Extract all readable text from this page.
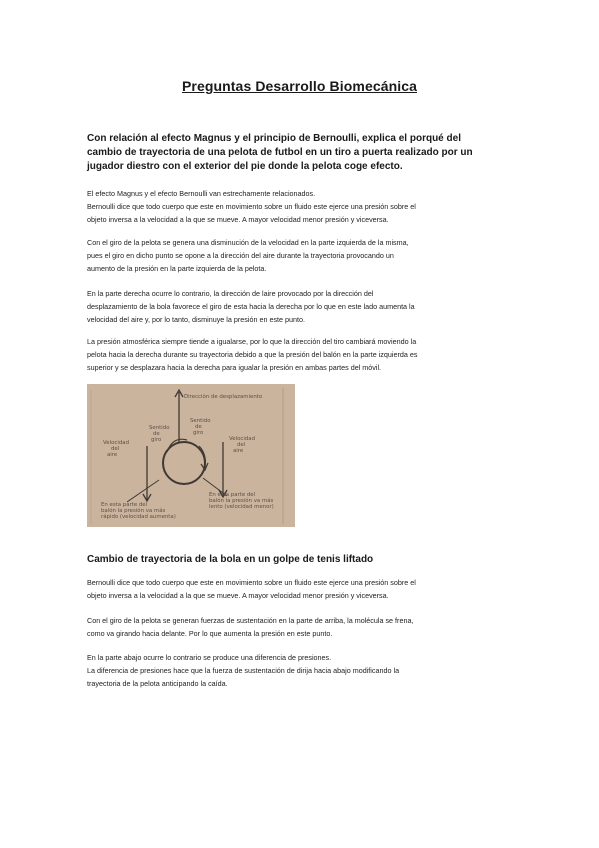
Preguntas Desarrollo Biomecánica
Con relación al efecto Magnus y el principio de Bernoulli, explica el porqué del
cambio de trayectoria de una pelota de futbol en un tiro a puerta realizado por un
jugador diestro con el exterior del pie donde la pelota coge efecto.
El efecto Magnus y el efecto Bernoulli van estrechamente relacionados.
Bernoulli dice que todo cuerpo que este en movimiento sobre un fluido este ejerce una presión sobre el
objeto inversa a la velocidad a la que se mueve. A mayor velocidad menor presión y viceversa.
Con el giro de la pelota se genera una disminución de la velocidad en la parte izquierda de la misma,
pues el giro en dicho punto se opone a la dirección del aire durante la trayectoria provocando un
aumento de la presión en la parte izquierda de la pelota.
En la parte derecha ocurre lo contrario, la dirección de laire provocado por la dirección del
desplazamiento de la bola favorece el giro de esta hacia la derecha por lo que en este lado aumenta la
velocidad del aire y, por lo tanto, disminuye la presión en este punto.
La presión atmosférica siempre tiende a igualarse, por lo que la dirección del tiro cambiará moviendo la
pelota hacia la derecha durante su trayectoria debido a que la presión del balón en la parte izquierda es
superior y se desplazara hacia la derecha para igualar la presión en ambas partes del móvil.
Dirección de desplazamiento
Sentido de giro
Sentido de giro
Velocidad del aire
Velocidad del aire
En esta parte del balón la presión va más rápido (velocidad aumenta)
En esta parte del balón la presión va más lento (velocidad menor)
Cambio de trayectoria de la bola en un golpe de tenis liftado
Bernoulli dice que todo cuerpo que este en movimiento sobre un fluido este ejerce una presión sobre el
objeto inversa a la velocidad a la que se mueve. A mayor velocidad menor presión y viceversa.
Con el giro de la pelota se generan fuerzas de sustentación en la parte de arriba, la molécula se frena,
como va girando hacia delante. Por lo que aumenta la presión en este punto.
En la parte abajo ocurre lo contrario se produce una diferencia de presiones.
La diferencia de presiones hace que la fuerza de sustentación de dirija hacia abajo modificando la
trayectoria de la pelota anticipando la caída.
